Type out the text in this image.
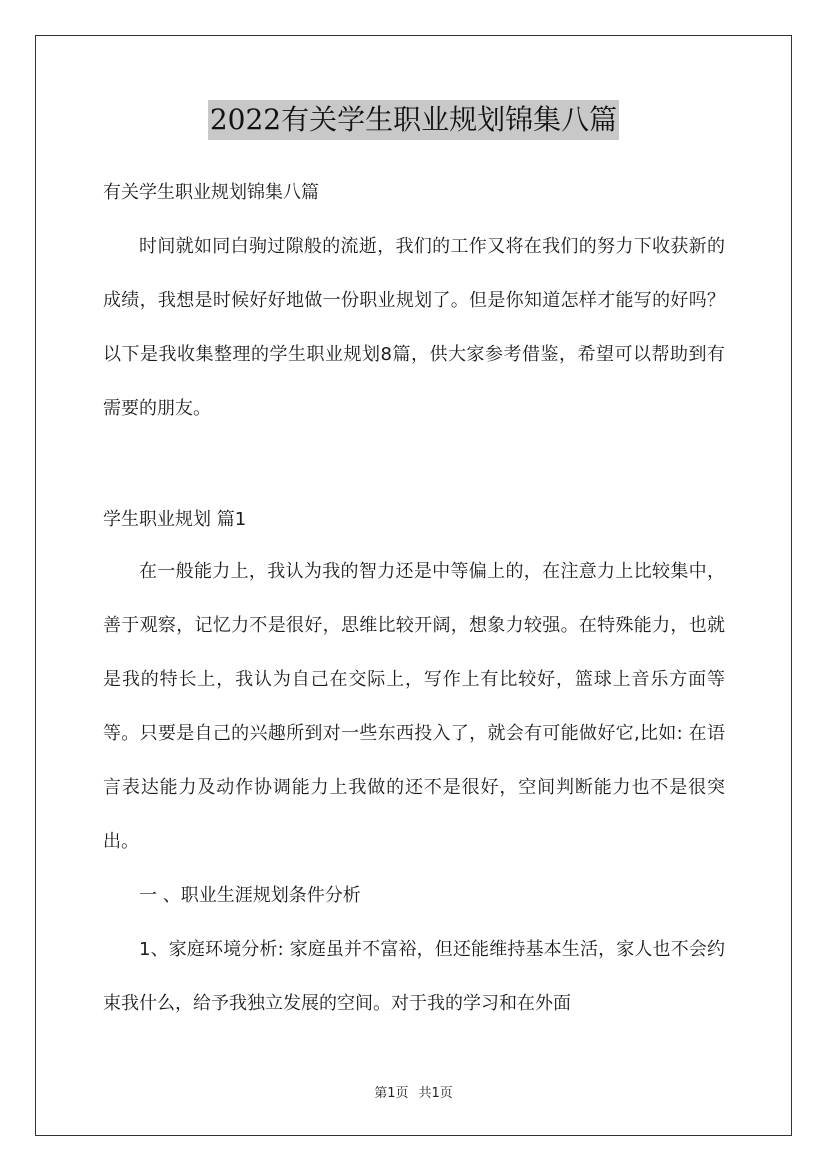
2022有关学生职业规划锦集八篇
有关学生职业规划锦集八篇

时间就如同白驹过隙般的流逝，我们的工作又将在我们的努力下收获新的成绩，我想是时候好好地做一份职业规划了。但是你知道怎样才能写的好吗？以下是我收集整理的学生职业规划8篇，供大家参考借鉴，希望可以帮助到有需要的朋友。

学生职业规划 篇1

在一般能力上，我认为我的智力还是中等偏上的，在注意力上比较集中，善于观察，记忆力不是很好，思维比较开阔，想象力较强。在特殊能力，也就是我的特长上，我认为自己在交际上，写作上有比较好，篮球上音乐方面等等。只要是自己的兴趣所到对一些东西投入了，就会有可能做好它,比如: 在语言表达能力及动作协调能力上我做的还不是很好，空间判断能力也不是很突出。

一 、职业生涯规划条件分析

1、家庭环境分析: 家庭虽并不富裕，但还能维持基本生活，家人也不会约束我什么，给予我独立发展的空间。对于我的学习和在外面

第1页 共1页
